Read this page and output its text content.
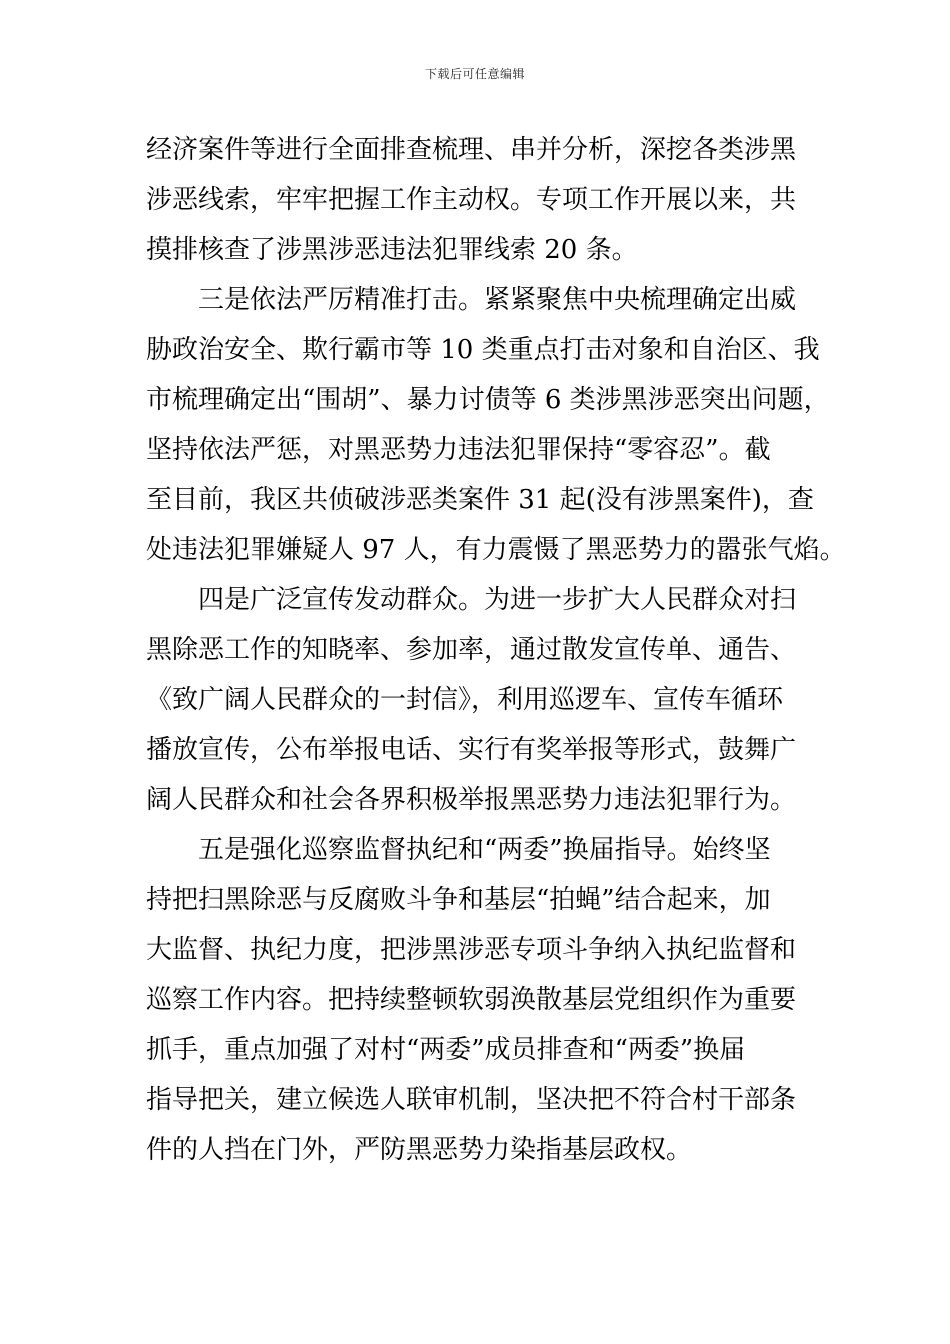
下载后可任意编辑
经济案件等进行全面排查梳理、串并分析，深挖各类涉黑
涉恶线索，牢牢把握工作主动权。专项工作开展以来，共
摸排核查了涉黑涉恶违法犯罪线索 20 条。
三是依法严厉精准打击。紧紧聚焦中央梳理确定出威
胁政治安全、欺行霸市等 10 类重点打击对象和自治区、我
市梳理确定出“围胡”、暴力讨债等 6 类涉黑涉恶突出问题，
坚持依法严惩，对黑恶势力违法犯罪保持“零容忍”。截
至目前，我区共侦破涉恶类案件 31 起(没有涉黑案件)，查
处违法犯罪嫌疑人 97 人，有力震慑了黑恶势力的嚣张气焰。
四是广泛宣传发动群众。为进一步扩大人民群众对扫
黑除恶工作的知晓率、参加率，通过散发宣传单、通告、
《致广阔人民群众的一封信》，利用巡逻车、宣传车循环
播放宣传，公布举报电话、实行有奖举报等形式，鼓舞广
阔人民群众和社会各界积极举报黑恶势力违法犯罪行为。
五是强化巡察监督执纪和“两委”换届指导。始终坚
持把扫黑除恶与反腐败斗争和基层“拍蝇”结合起来，加
大监督、执纪力度，把涉黑涉恶专项斗争纳入执纪监督和
巡察工作内容。把持续整顿软弱涣散基层党组织作为重要
抓手，重点加强了对村“两委”成员排查和“两委”换届
指导把关，建立候选人联审机制，坚决把不符合村干部条
件的人挡在门外，严防黑恶势力染指基层政权。
